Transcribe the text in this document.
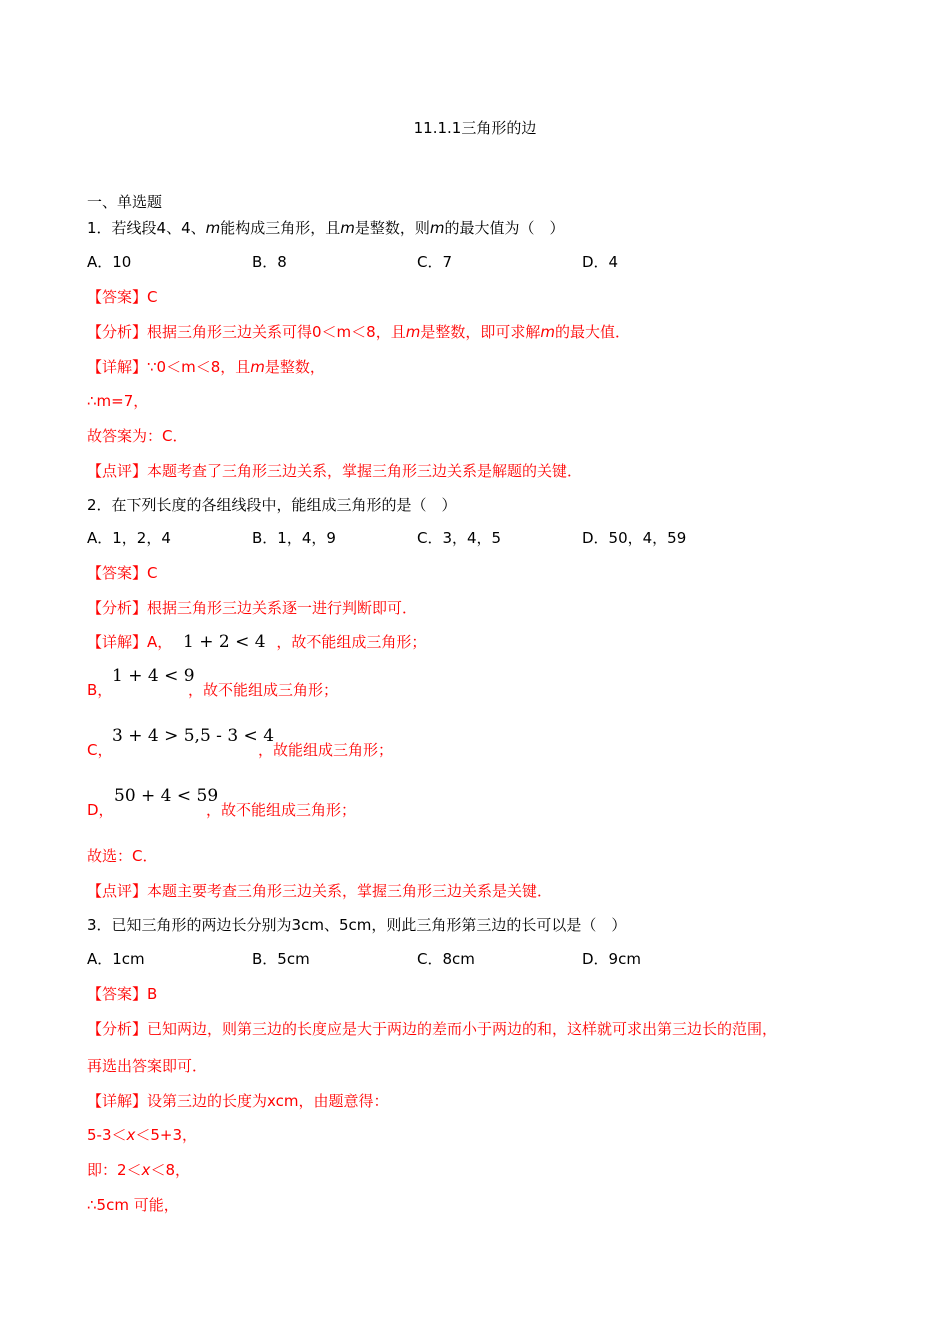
11.1.1三角形的边
一、单选题
1．若线段4、4、m能构成三角形，且m是整数，则m的最大值为（　）
A．10	B．8	C．7	D．4
【答案】C
【分析】根据三角形三边关系可得0＜m＜8，且m是整数，即可求解m的最大值．
【详解】∵0＜m＜8，且m是整数，
∴m=7，
故答案为：C．
【点评】本题考查了三角形三边关系，掌握三角形三边关系是解题的关键．
2．在下列长度的各组线段中，能组成三角形的是（　）
A．1，2，4	B．1，4，9	C．3，4，5	D．50，4，59
【答案】C
【分析】根据三角形三边关系逐一进行判断即可．
【详解】A， 1 + 2 < 4 ，故不能组成三角形；
B，
1 + 4 < 9
，故不能组成三角形；
C，
3 + 4 > 5,5 - 3 < 4
，故能组成三角形；
D，
50 + 4 < 59
，故不能组成三角形；
故选：C．
【点评】本题主要考查三角形三边关系，掌握三角形三边关系是关键．
3．已知三角形的两边长分别为3cm、5cm，则此三角形第三边的长可以是（　）
A．1cm	B．5cm	C．8cm	D．9cm
【答案】B
【分析】已知两边，则第三边的长度应是大于两边的差而小于两边的和，这样就可求出第三边长的范围，
再选出答案即可．
【详解】设第三边的长度为xcm，由题意得：
5-3＜x＜5+3，
即：2＜x＜8，
∴5cm 可能，
